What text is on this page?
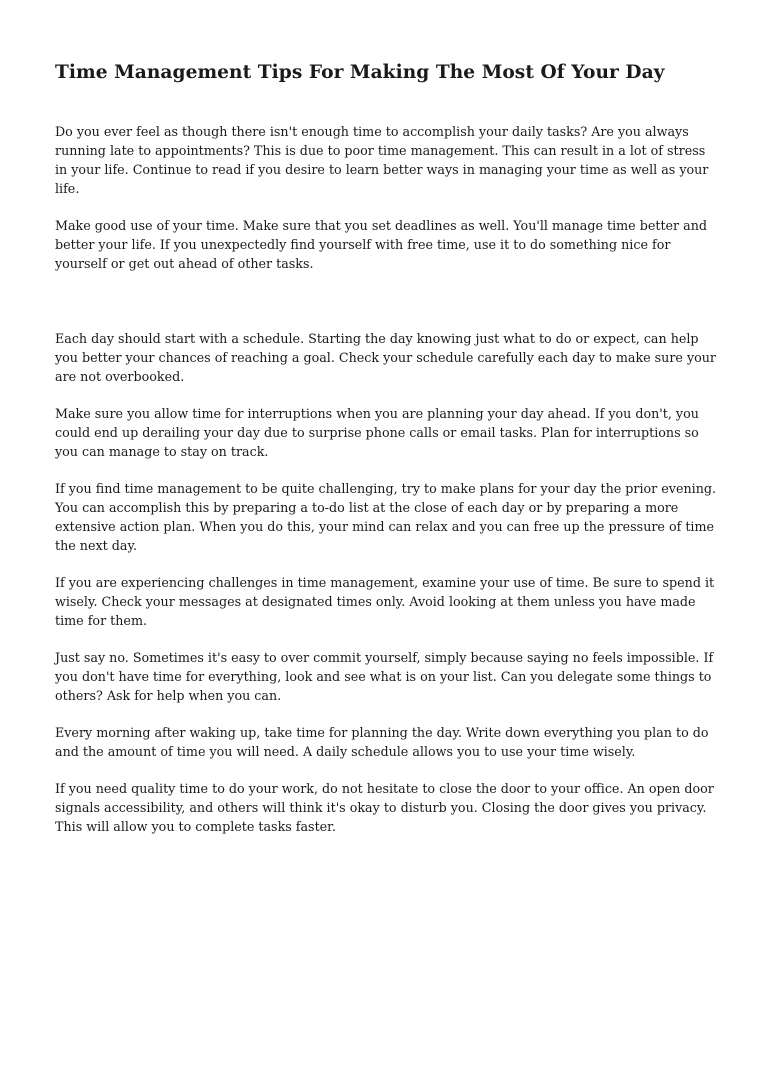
Time Management Tips For Making The Most Of Your Day

Do you ever feel as though there isn't enough time to accomplish your daily tasks? Are you always running late to appointments? This is due to poor time management. This can result in a lot of stress in your life. Continue to read if you desire to learn better ways in managing your time as well as your life.

Make good use of your time. Make sure that you set deadlines as well. You'll manage time better and better your life. If you unexpectedly find yourself with free time, use it to do something nice for yourself or get out ahead of other tasks.

Each day should start with a schedule. Starting the day knowing just what to do or expect, can help you better your chances of reaching a goal. Check your schedule carefully each day to make sure your are not overbooked.

Make sure you allow time for interruptions when you are planning your day ahead. If you don't, you could end up derailing your day due to surprise phone calls or email tasks. Plan for interruptions so you can manage to stay on track.

If you find time management to be quite challenging, try to make plans for your day the prior evening. You can accomplish this by preparing a to-do list at the close of each day or by preparing a more extensive action plan. When you do this, your mind can relax and you can free up the pressure of time the next day.

If you are experiencing challenges in time management, examine your use of time. Be sure to spend it wisely. Check your messages at designated times only. Avoid looking at them unless you have made time for them.

Just say no. Sometimes it's easy to over commit yourself, simply because saying no feels impossible. If you don't have time for everything, look and see what is on your list. Can you delegate some things to others? Ask for help when you can.

Every morning after waking up, take time for planning the day. Write down everything you plan to do and the amount of time you will need. A daily schedule allows you to use your time wisely.

If you need quality time to do your work, do not hesitate to close the door to your office. An open door signals accessibility, and others will think it's okay to disturb you. Closing the door gives you privacy. This will allow you to complete tasks faster.
